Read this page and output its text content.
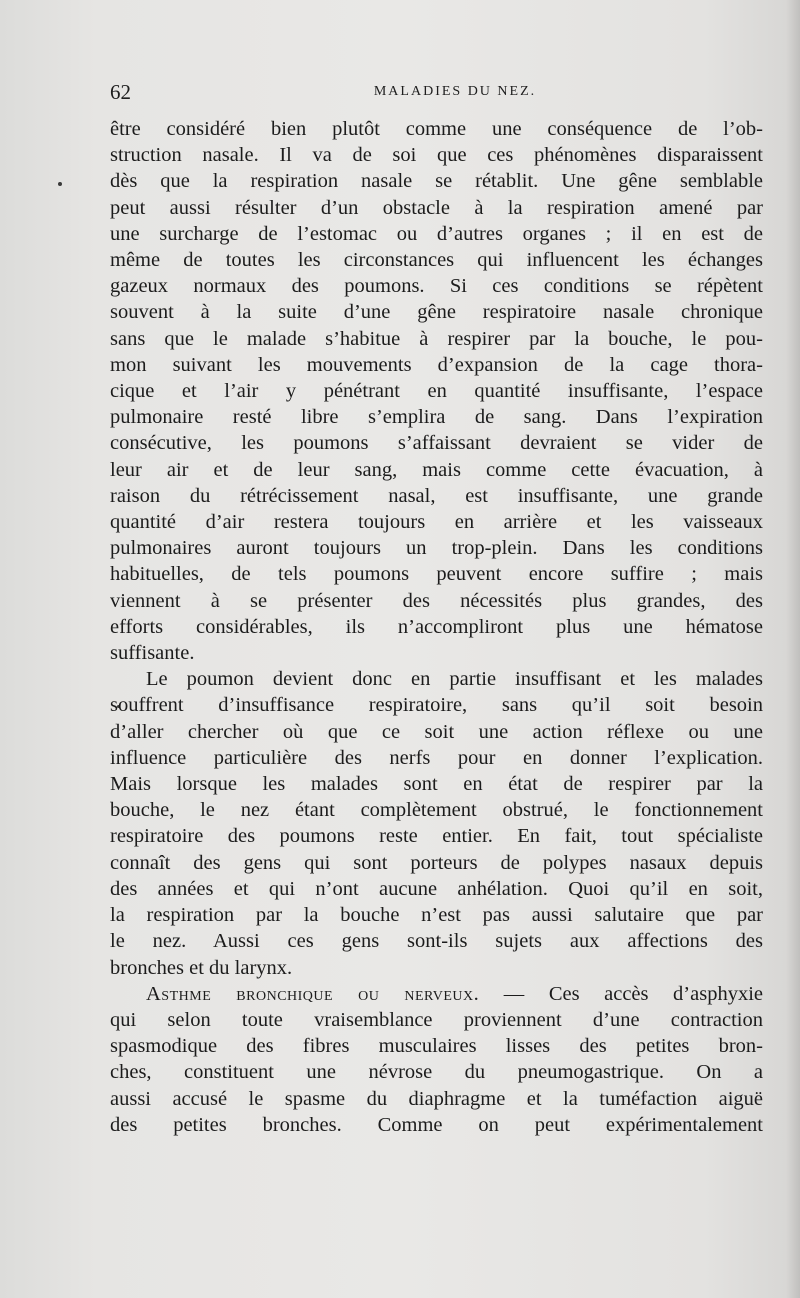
62	MALADIES DU NEZ.

être considéré bien plutôt comme une conséquence de l’ob-
struction nasale. Il va de soi que ces phénomènes disparaissent
dès que la respiration nasale se rétablit. Une gêne semblable
peut aussi résulter d’un obstacle à la respiration amené par
une surcharge de l’estomac ou d’autres organes ; il en est de
même de toutes les circonstances qui influencent les échanges
gazeux normaux des poumons. Si ces conditions se répètent
souvent à la suite d’une gêne respiratoire nasale chronique
sans que le malade s’habitue à respirer par la bouche, le pou-
mon suivant les mouvements d’expansion de la cage thora-
cique et l’air y pénétrant en quantité insuffisante, l’espace
pulmonaire resté libre s’emplira de sang. Dans l’expiration
consécutive, les poumons s’affaissant devraient se vider de
leur air et de leur sang, mais comme cette évacuation, à
raison du rétrécissement nasal, est insuffisante, une grande
quantité d’air restera toujours en arrière et les vaisseaux
pulmonaires auront toujours un trop-plein. Dans les conditions
habituelles, de tels poumons peuvent encore suffire ; mais
viennent à se présenter des nécessités plus grandes, des
efforts considérables, ils n’accompliront plus une hématose
suffisante.

Le poumon devient donc en partie insuffisant et les malades
souffrent d’insuffisance respiratoire, sans qu’il soit besoin
d’aller chercher où que ce soit une action réflexe ou une
influence particulière des nerfs pour en donner l’explication.
Mais lorsque les malades sont en état de respirer par la
bouche, le nez étant complètement obstrué, le fonctionnement
respiratoire des poumons reste entier. En fait, tout spécialiste
connaît des gens qui sont porteurs de polypes nasaux depuis
des années et qui n’ont aucune anhélation. Quoi qu’il en soit,
la respiration par la bouche n’est pas aussi salutaire que par
le nez. Aussi ces gens sont-ils sujets aux affections des
bronches et du larynx.

Asthme bronchique ou nerveux. — Ces accès d’asphyxie
qui selon toute vraisemblance proviennent d’une contraction
spasmodique des fibres musculaires lisses des petites bron-
ches, constituent une névrose du pneumogastrique. On a
aussi accusé le spasme du diaphragme et la tuméfaction aiguë
des petites bronches. Comme on peut expérimentalement
